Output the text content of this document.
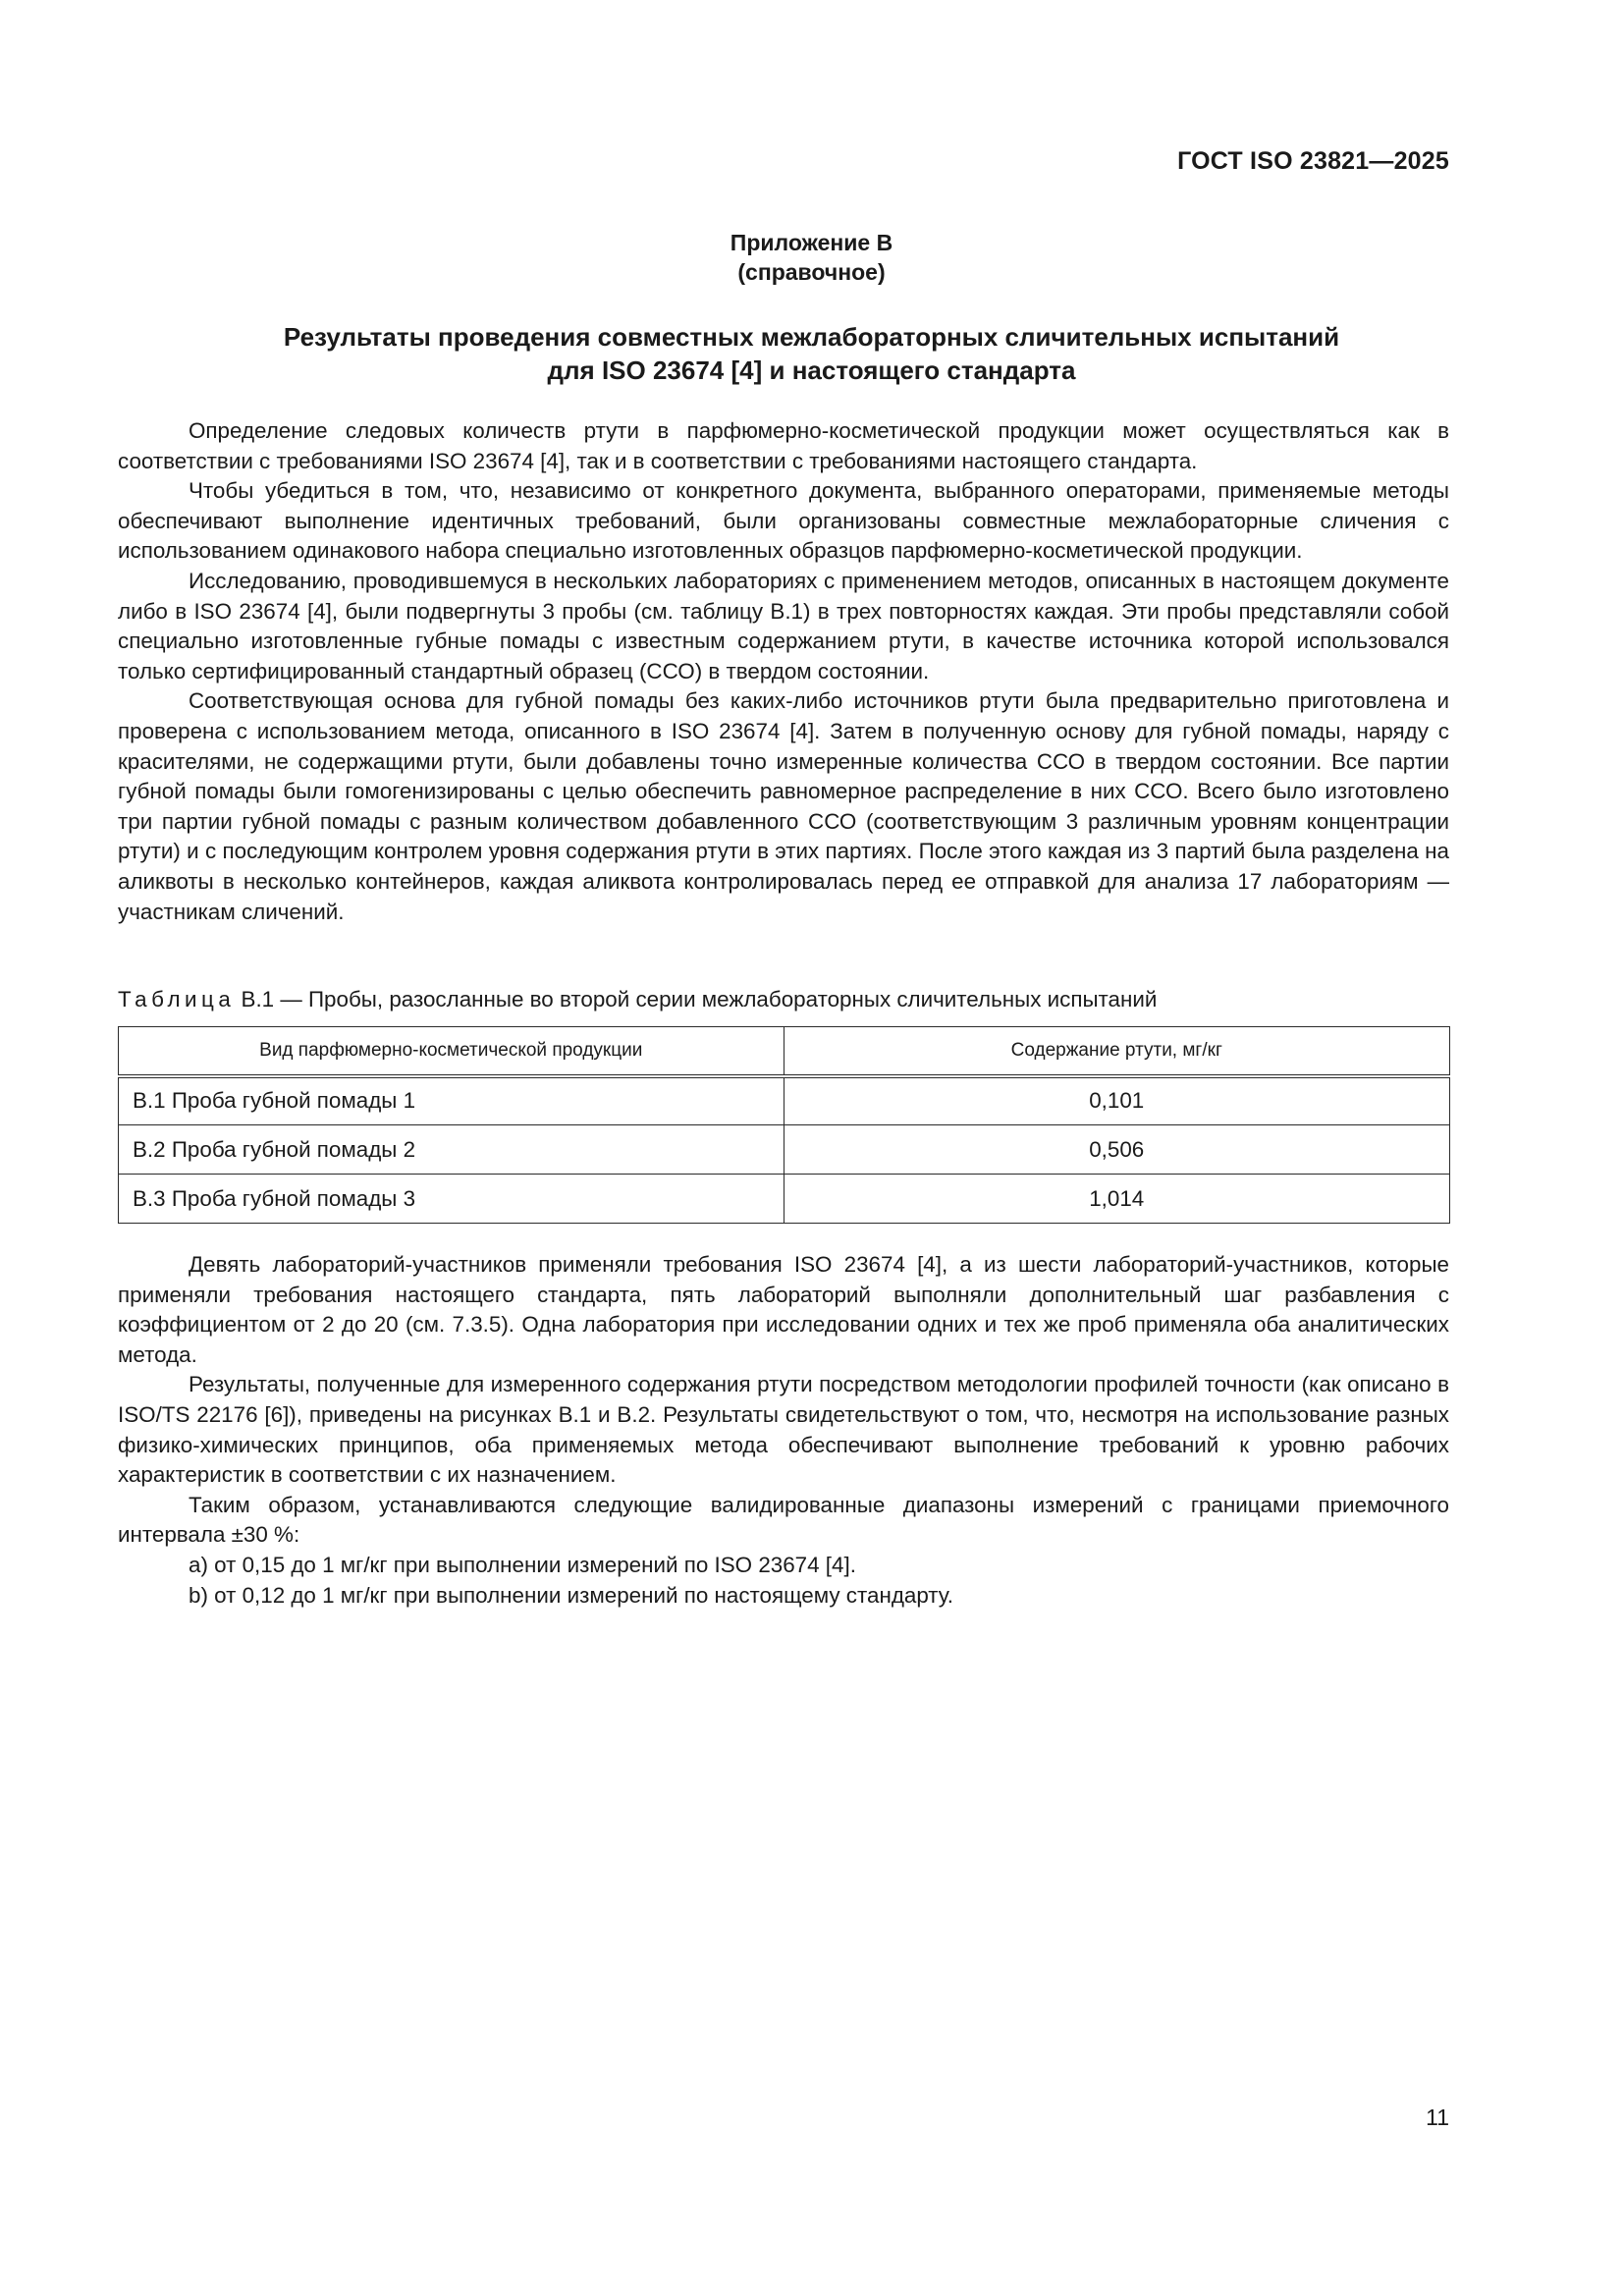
ГОСТ ISO 23821—2025
Приложение В
(справочное)
Результаты проведения совместных межлабораторных сличительных испытаний
для ISO 23674 [4] и настоящего стандарта

Определение следовых количеств ртути в парфюмерно-косметической продукции может осуществляться как в соответствии с требованиями ISO 23674 [4], так и в соответствии с требованиями настоящего стандарта.

Чтобы убедиться в том, что, независимо от конкретного документа, выбранного операторами, применяемые методы обеспечивают выполнение идентичных требований, были организованы совместные межлабораторные сличения с использованием одинакового набора специально изготовленных образцов парфюмерно-косметической продукции.

Исследованию, проводившемуся в нескольких лабораториях с применением методов, описанных в настоящем документе либо в ISO 23674 [4], были подвергнуты 3 пробы (см. таблицу В.1) в трех повторностях каждая. Эти пробы представляли собой специально изготовленные губные помады с известным содержанием ртути, в качестве источника которой использовался только сертифицированный стандартный образец (ССО) в твердом состоянии.

Соответствующая основа для губной помады без каких-либо источников ртути была предварительно приготовлена и проверена с использованием метода, описанного в ISO 23674 [4]. Затем в полученную основу для губной помады, наряду с красителями, не содержащими ртути, были добавлены точно измеренные количества ССО в твердом состоянии. Все партии губной помады были гомогенизированы с целью обеспечить равномерное распределение в них ССО. Всего было изготовлено три партии губной помады с разным количеством добавленного ССО (соответствующим 3 различным уровням концентрации ртути) и с последующим контролем уровня содержания ртути в этих партиях. После этого каждая из 3 партий была разделена на аликвоты в несколько контейнеров, каждая аликвота контролировалась перед ее отправкой для анализа 17 лабораториям — участникам сличений.

Таблица В.1 — Пробы, разосланные во второй серии межлабораторных сличительных испытаний
Вид парфюмерно-косметической продукции	Содержание ртути, мг/кг
В.1 Проба губной помады 1	0,101
В.2 Проба губной помады 2	0,506
В.3 Проба губной помады 3	1,014

Девять лабораторий-участников применяли требования ISO 23674 [4], а из шести лабораторий-участников, которые применяли требования настоящего стандарта, пять лабораторий выполняли дополнительный шаг разбавления с коэффициентом от 2 до 20 (см. 7.3.5). Одна лаборатория при исследовании одних и тех же проб применяла оба аналитических метода.

Результаты, полученные для измеренного содержания ртути посредством методологии профилей точности (как описано в ISO/TS 22176 [6]), приведены на рисунках В.1 и В.2. Результаты свидетельствуют о том, что, несмотря на использование разных физико-химических принципов, оба применяемых метода обеспечивают выполнение требований к уровню рабочих характеристик в соответствии с их назначением.

Таким образом, устанавливаются следующие валидированные диапазоны измерений с границами приемочного интервала ±30 %:

a) от 0,15 до 1 мг/кг при выполнении измерений по ISO 23674 [4].

b) от 0,12 до 1 мг/кг при выполнении измерений по настоящему стандарту.

11
